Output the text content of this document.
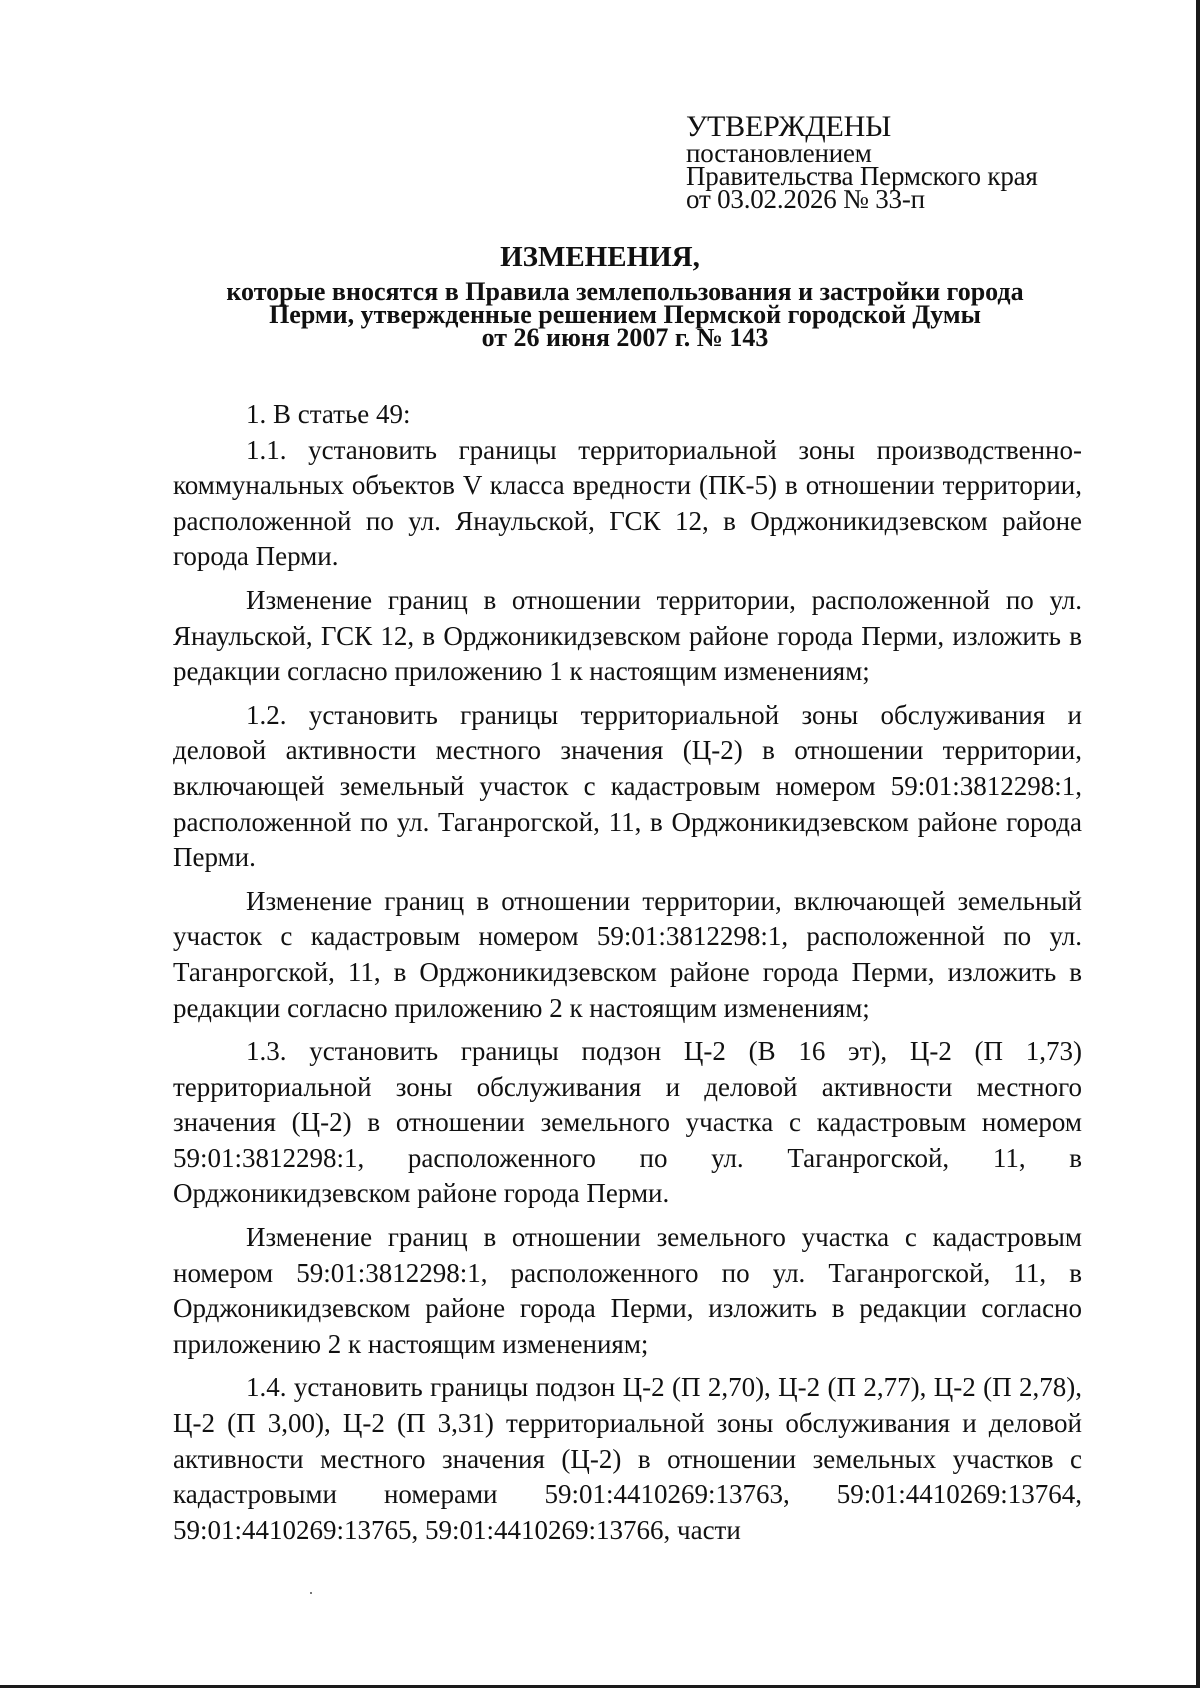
УТВЕРЖДЕНЫ
постановлением
Правительства Пермского края
от 03.02.2026 № 33-п
ИЗМЕНЕНИЯ,
которые вносятся в Правила землепользования и застройки города
Перми, утвержденные решением Пермской городской Думы
от 26 июня 2007 г. № 143

1. В статье 49:

1.1. установить границы территориальной зоны производственно-коммунальных объектов V класса вредности (ПК-5) в отношении территории, расположенной по ул. Янаульской, ГСК 12, в Орджоникидзевском районе города Перми.

Изменение границ в отношении территории, расположенной по ул. Янаульской, ГСК 12, в Орджоникидзевском районе города Перми, изложить в редакции согласно приложению 1 к настоящим изменениям;

1.2. установить границы территориальной зоны обслуживания и деловой активности местного значения (Ц-2) в отношении территории, включающей земельный участок с кадастровым номером 59:01:3812298:1, расположенной по ул. Таганрогской, 11, в Орджоникидзевском районе города Перми.

Изменение границ в отношении территории, включающей земельный участок с кадастровым номером 59:01:3812298:1, расположенной по ул. Таганрогской, 11, в Орджоникидзевском районе города Перми, изложить в редакции согласно приложению 2 к настоящим изменениям;

1.3. установить границы подзон Ц-2 (В 16 эт), Ц-2 (П 1,73) территориальной зоны обслуживания и деловой активности местного значения (Ц-2) в отношении земельного участка с кадастровым номером 59:01:3812298:1, расположенного по ул. Таганрогской, 11, в Орджоникидзевском районе города Перми.

Изменение границ в отношении земельного участка с кадастровым номером 59:01:3812298:1, расположенного по ул. Таганрогской, 11, в Орджоникидзевском районе города Перми, изложить в редакции согласно приложению 2 к настоящим изменениям;

1.4. установить границы подзон Ц-2 (П 2,70), Ц-2 (П 2,77), Ц-2 (П 2,78), Ц-2 (П 3,00), Ц-2 (П 3,31) территориальной зоны обслуживания и деловой активности местного значения (Ц-2) в отношении земельных участков с кадастровыми номерами 59:01:4410269:13763, 59:01:4410269:13764, 59:01:4410269:13765, 59:01:4410269:13766, части
